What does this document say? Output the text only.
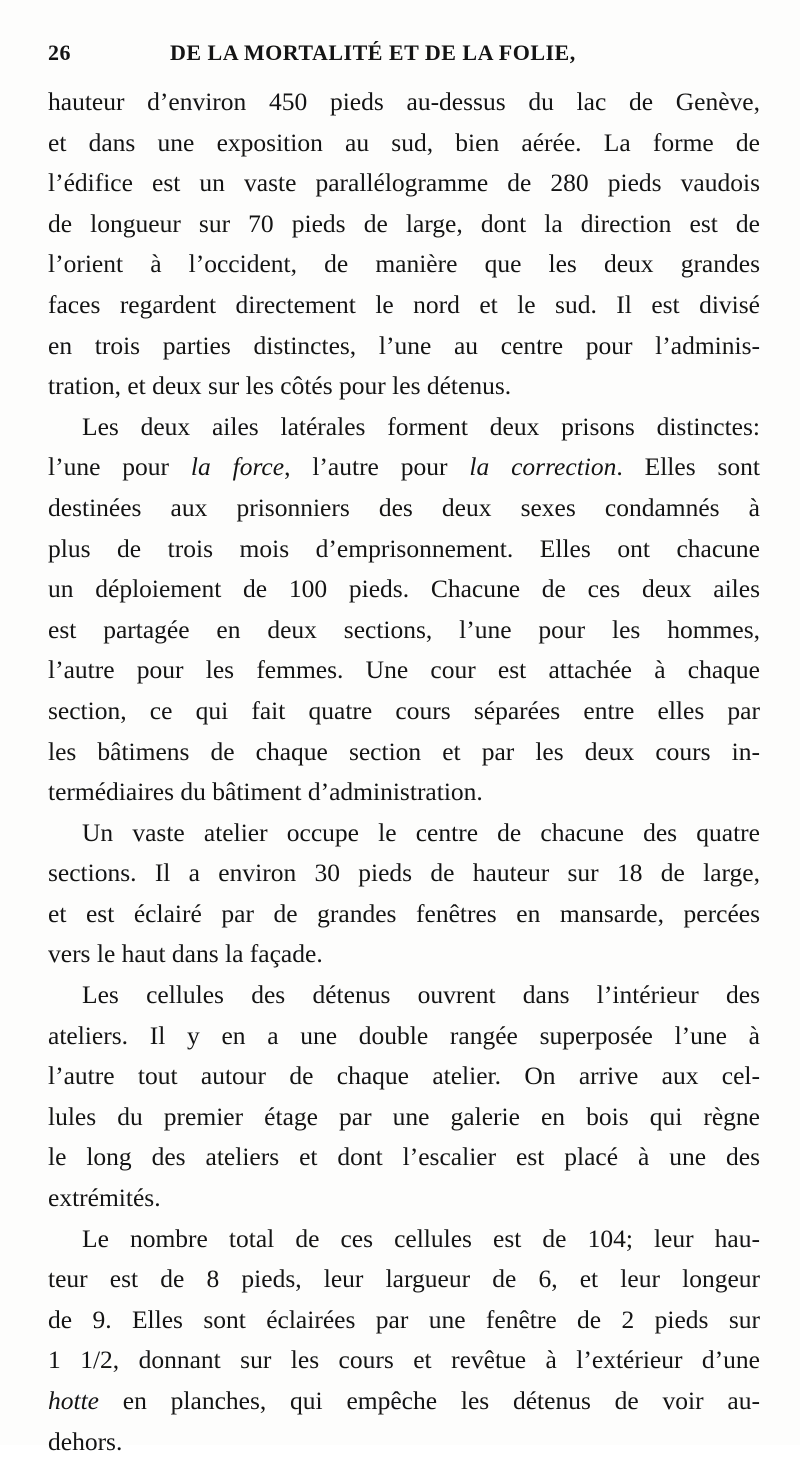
26	DE LA MORTALITÉ ET DE LA FOLIE,
hauteur d’environ 450 pieds au-dessus du lac de Genève,
et dans une exposition au sud, bien aérée. La forme de
l’édifice est un vaste parallélogramme de 280 pieds vaudois
de longueur sur 70 pieds de large, dont la direction est de
l’orient à l’occident, de manière que les deux grandes
faces regardent directement le nord et le sud. Il est divisé
en trois parties distinctes, l’une au centre pour l’adminis-
tration, et deux sur les côtés pour les détenus.
Les deux ailes latérales forment deux prisons distinctes:
l’une pour la force, l’autre pour la correction. Elles sont
destinées aux prisonniers des deux sexes condamnés à
plus de trois mois d’emprisonnement. Elles ont chacune
un déploiement de 100 pieds. Chacune de ces deux ailes
est partagée en deux sections, l’une pour les hommes,
l’autre pour les femmes. Une cour est attachée à chaque
section, ce qui fait quatre cours séparées entre elles par
les bâtimens de chaque section et par les deux cours in-
termédiaires du bâtiment d’administration.
Un vaste atelier occupe le centre de chacune des quatre
sections. Il a environ 30 pieds de hauteur sur 18 de large,
et est éclairé par de grandes fenêtres en mansarde, percées
vers le haut dans la façade.
Les cellules des détenus ouvrent dans l’intérieur des
ateliers. Il y en a une double rangée superposée l’une à
l’autre tout autour de chaque atelier. On arrive aux cel-
lules du premier étage par une galerie en bois qui règne
le long des ateliers et dont l’escalier est placé à une des
extrémités.
Le nombre total de ces cellules est de 104; leur hau-
teur est de 8 pieds, leur largueur de 6, et leur longeur
de 9. Elles sont éclairées par une fenêtre de 2 pieds sur
1 1/2, donnant sur les cours et revêtue à l’extérieur d’une
hotte en planches, qui empêche les détenus de voir au-
dehors.
